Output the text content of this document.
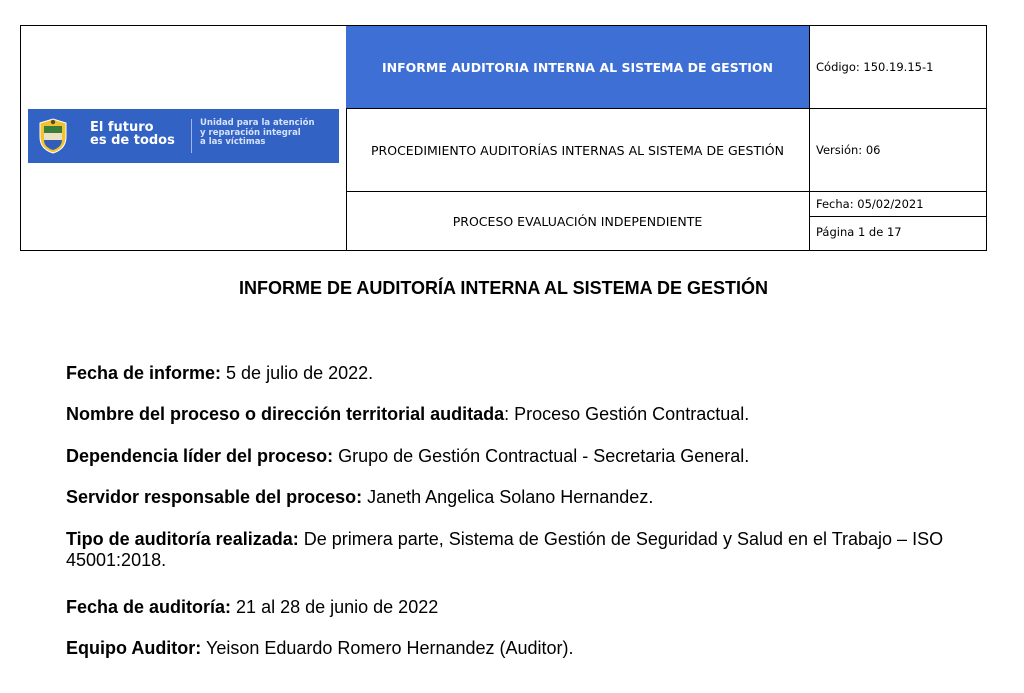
El futuro
es de todos
Unidad para la atención
y reparación integral
a las víctimas
INFORME AUDITORIA INTERNA AL SISTEMA DE GESTION
PROCEDIMIENTO AUDITORÍAS INTERNAS AL SISTEMA DE GESTIÓN
PROCESO EVALUACIÓN INDEPENDIENTE
Código: 150.19.15-1
Versión: 06
Fecha: 05/02/2021
Página 1 de 17
INFORME DE AUDITORÍA INTERNA AL SISTEMA DE GESTIÓN
Fecha de informe: 5 de julio de 2022.
Nombre del proceso o dirección territorial auditada: Proceso Gestión Contractual.
Dependencia líder del proceso: Grupo de Gestión Contractual - Secretaria General.
Servidor responsable del proceso: Janeth Angelica Solano Hernandez.
Tipo de auditoría realizada: De primera parte, Sistema de Gestión de Seguridad y Salud en el Trabajo – ISO 45001:2018.
Fecha de auditoría: 21 al 28 de junio de 2022
Equipo Auditor: Yeison Eduardo Romero Hernandez (Auditor).
